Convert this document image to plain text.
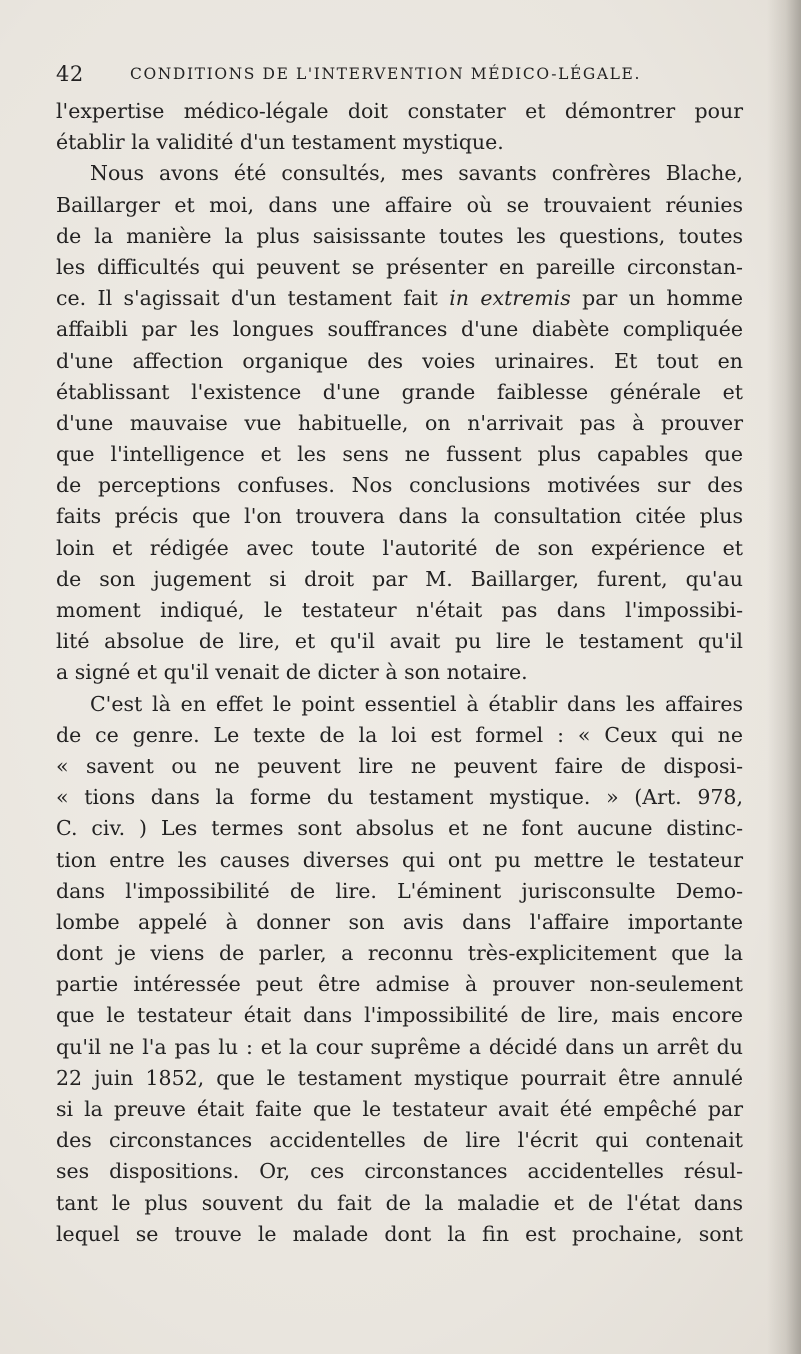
42	CONDITIONS DE L'INTERVENTION MÉDICO-LÉGALE.
l'expertise médico-légale doit constater et démontrer pour
établir la validité d'un testament mystique.
Nous avons été consultés, mes savants confrères Blache,
Baillarger et moi, dans une affaire où se trouvaient réunies
de la manière la plus saisissante toutes les questions, toutes
les difficultés qui peuvent se présenter en pareille circonstan-
ce. Il s'agissait d'un testament fait in extremis par un homme
affaibli par les longues souffrances d'une diabète compliquée
d'une affection organique des voies urinaires. Et tout en
établissant l'existence d'une grande faiblesse générale et
d'une mauvaise vue habituelle, on n'arrivait pas à prouver
que l'intelligence et les sens ne fussent plus capables que
de perceptions confuses. Nos conclusions motivées sur des
faits précis que l'on trouvera dans la consultation citée plus
loin et rédigée avec toute l'autorité de son expérience et
de son jugement si droit par M. Baillarger, furent, qu'au
moment indiqué, le testateur n'était pas dans l'impossibi-
lité absolue de lire, et qu'il avait pu lire le testament qu'il
a signé et qu'il venait de dicter à son notaire.
C'est là en effet le point essentiel à établir dans les affaires
de ce genre. Le texte de la loi est formel : « Ceux qui ne
« savent ou ne peuvent lire ne peuvent faire de disposi-
« tions dans la forme du testament mystique. » (Art. 978,
C. civ. ) Les termes sont absolus et ne font aucune distinc-
tion entre les causes diverses qui ont pu mettre le testateur
dans l'impossibilité de lire. L'éminent jurisconsulte Demo-
lombe appelé à donner son avis dans l'affaire importante
dont je viens de parler, a reconnu très-explicitement que la
partie intéressée peut être admise à prouver non-seulement
que le testateur était dans l'impossibilité de lire, mais encore
qu'il ne l'a pas lu : et la cour suprême a décidé dans un arrêt du
22 juin 1852, que le testament mystique pourrait être annulé
si la preuve était faite que le testateur avait été empêché par
des circonstances accidentelles de lire l'écrit qui contenait
ses dispositions. Or, ces circonstances accidentelles résul-
tant le plus souvent du fait de la maladie et de l'état dans
lequel se trouve le malade dont la fin est prochaine, sont
